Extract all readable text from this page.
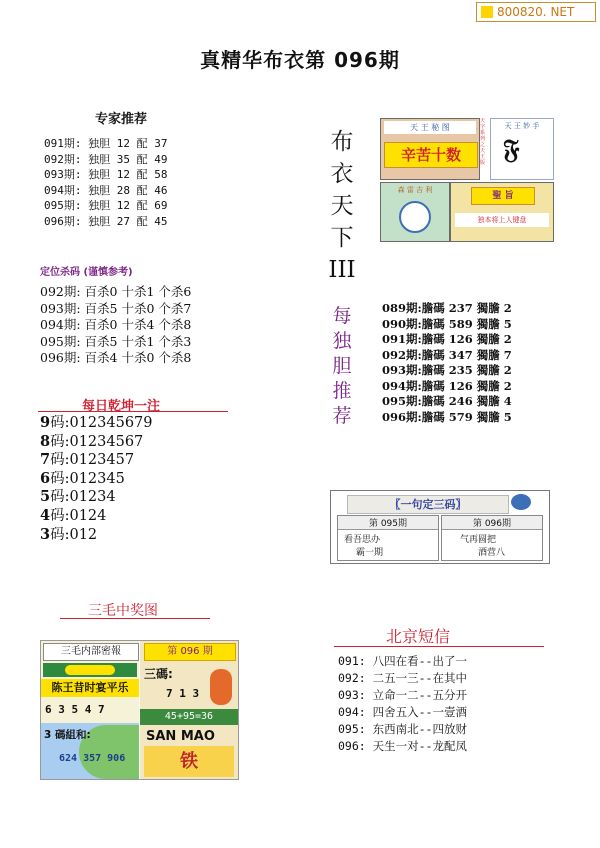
800820. NET
真精华布衣第 096期
专家推荐
091期: 独胆 12 配 37
092期: 独胆 35 配 49
093期: 独胆 12 配 58
094期: 独胆 28 配 46
095期: 独胆 12 配 69
096期: 独胆 27 配 45
定位杀码 (谨慎参考)
092期: 百杀0 十杀1 个杀6
093期: 百杀5 十杀0 个杀7
094期: 百杀0 十杀4 个杀8
095期: 百杀5 十杀1 个杀3
096期: 百杀4 十杀0 个杀8
每日乾坤一注
9码:012345679
8码:01234567
7码:0123457
6码:012345
5码:01234
4码:0124
3码:012
三毛中奖图
三毛内部密報
陈王昔时宴平乐
6 3 5 4 7
3 碼組和:
624 357 906
第 096 期
三碼:
7 1 3
45+95=36
SAN MAO
铁
布
衣
天
下
III
天 王 秘 图
辛苦十数
天字系列之天王版
天 王 妙 手
𝔉
森 雷 吉 利
聖 旨
独本将上人键盘
每
独
胆
推
荐
089期:膽碼 237 獨膽 2
090期:膽碼 589 獨膽 5
091期:膽碼 126 獨膽 2
092期:膽碼 347 獨膽 7
093期:膽碼 235 獨膽 2
094期:膽碼 126 獨膽 2
095期:膽碼 246 獨膽 4
096期:膽碼 579 獨膽 5
〖一句定三码〗
第 095期
看吾思办
霸一期
第 096期
气再圆把
酒营八
北京短信
091: 八四在看--出了一
092: 二五一三--在其中
093: 立命一二--五分开
094: 四舍五入--一壹酒
095: 东西南北--四放财
096: 天生一对--龙配凤
